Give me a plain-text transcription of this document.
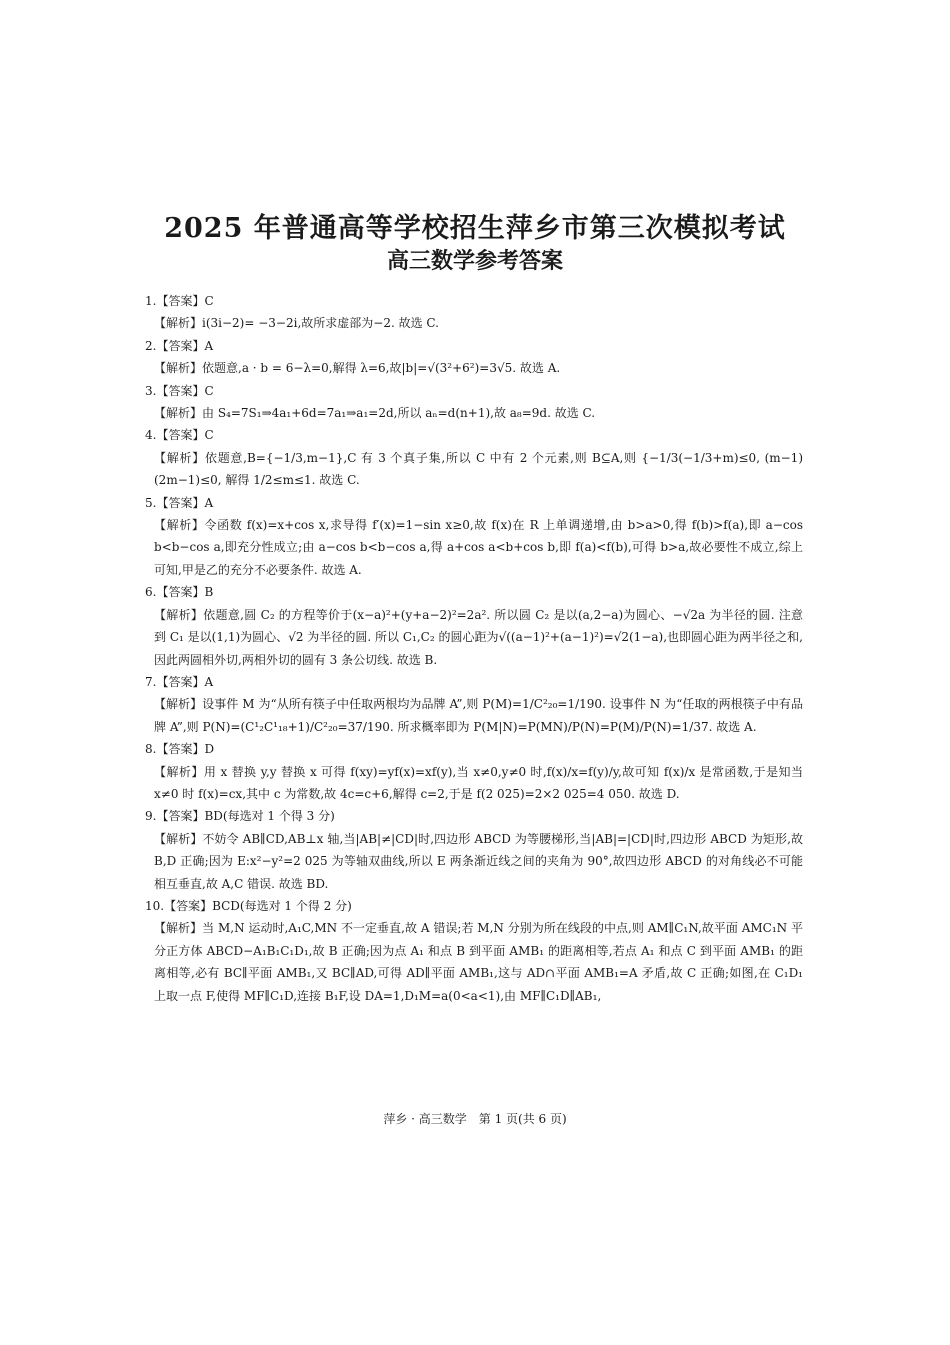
2025 年普通高等学校招生萍乡市第三次模拟考试
高三数学参考答案

1.【答案】C

【解析】i(3i−2)= −3−2i,故所求虚部为−2. 故选 C.

2.【答案】A

【解析】依题意,a · b = 6−λ=0,解得 λ=6,故|b|=√(3²+6²)=3√5. 故选 A.

3.【答案】C

【解析】由 S₄=7S₁⇒4a₁+6d=7a₁⇒a₁=2d,所以 aₙ=d(n+1),故 a₈=9d. 故选 C.

4.【答案】C

【解析】依题意,B={−1/3,m−1},C 有 3 个真子集,所以 C 中有 2 个元素,则 B⊆A,则 {−1/3(−1/3+m)≤0, (m−1)(2m−1)≤0, 解得 1/2≤m≤1. 故选 C.

5.【答案】A

【解析】令函数 f(x)=x+cos x,求导得 f′(x)=1−sin x≥0,故 f(x)在 R 上单调递增,由 b>a>0,得 f(b)>f(a),即 a−cos b<b−cos a,即充分性成立;由 a−cos b<b−cos a,得 a+cos a<b+cos b,即 f(a)<f(b),可得 b>a,故必要性不成立,综上可知,甲是乙的充分不必要条件. 故选 A.

6.【答案】B

【解析】依题意,圆 C₂ 的方程等价于(x−a)²+(y+a−2)²=2a². 所以圆 C₂ 是以(a,2−a)为圆心、−√2a 为半径的圆. 注意到 C₁ 是以(1,1)为圆心、√2 为半径的圆. 所以 C₁,C₂ 的圆心距为√((a−1)²+(a−1)²)=√2(1−a),也即圆心距为两半径之和,因此两圆相外切,两相外切的圆有 3 条公切线. 故选 B.

7.【答案】A

【解析】设事件 M 为“从所有筷子中任取两根均为品牌 A”,则 P(M)=1/C²₂₀=1/190. 设事件 N 为“任取的两根筷子中有品牌 A”,则 P(N)=(C¹₂C¹₁₈+1)/C²₂₀=37/190. 所求概率即为 P(M|N)=P(MN)/P(N)=P(M)/P(N)=1/37. 故选 A.

8.【答案】D

【解析】用 x 替换 y,y 替换 x 可得 f(xy)=yf(x)=xf(y),当 x≠0,y≠0 时,f(x)/x=f(y)/y,故可知 f(x)/x 是常函数,于是知当 x≠0 时 f(x)=cx,其中 c 为常数,故 4c=c+6,解得 c=2,于是 f(2 025)=2×2 025=4 050. 故选 D.

9.【答案】BD(每选对 1 个得 3 分)

【解析】不妨令 AB∥CD,AB⊥x 轴,当|AB|≠|CD|时,四边形 ABCD 为等腰梯形,当|AB|=|CD|时,四边形 ABCD 为矩形,故 B,D 正确;因为 E:x²−y²=2 025 为等轴双曲线,所以 E 两条渐近线之间的夹角为 90°,故四边形 ABCD 的对角线必不可能相互垂直,故 A,C 错误. 故选 BD.

10.【答案】BCD(每选对 1 个得 2 分)

【解析】当 M,N 运动时,A₁C,MN 不一定垂直,故 A 错误;若 M,N 分别为所在线段的中点,则 AM∥C₁N,故平面 AMC₁N 平分正方体 ABCD−A₁B₁C₁D₁,故 B 正确;因为点 A₁ 和点 B 到平面 AMB₁ 的距离相等,若点 A₁ 和点 C 到平面 AMB₁ 的距离相等,必有 BC∥平面 AMB₁,又 BC∥AD,可得 AD∥平面 AMB₁,这与 AD∩平面 AMB₁=A 矛盾,故 C 正确;如图,在 C₁D₁ 上取一点 F,使得 MF∥C₁D,连接 B₁F,设 DA=1,D₁M=a(0<a<1),由 MF∥C₁D∥AB₁,

萍乡 · 高三数学　第 1 页(共 6 页)
